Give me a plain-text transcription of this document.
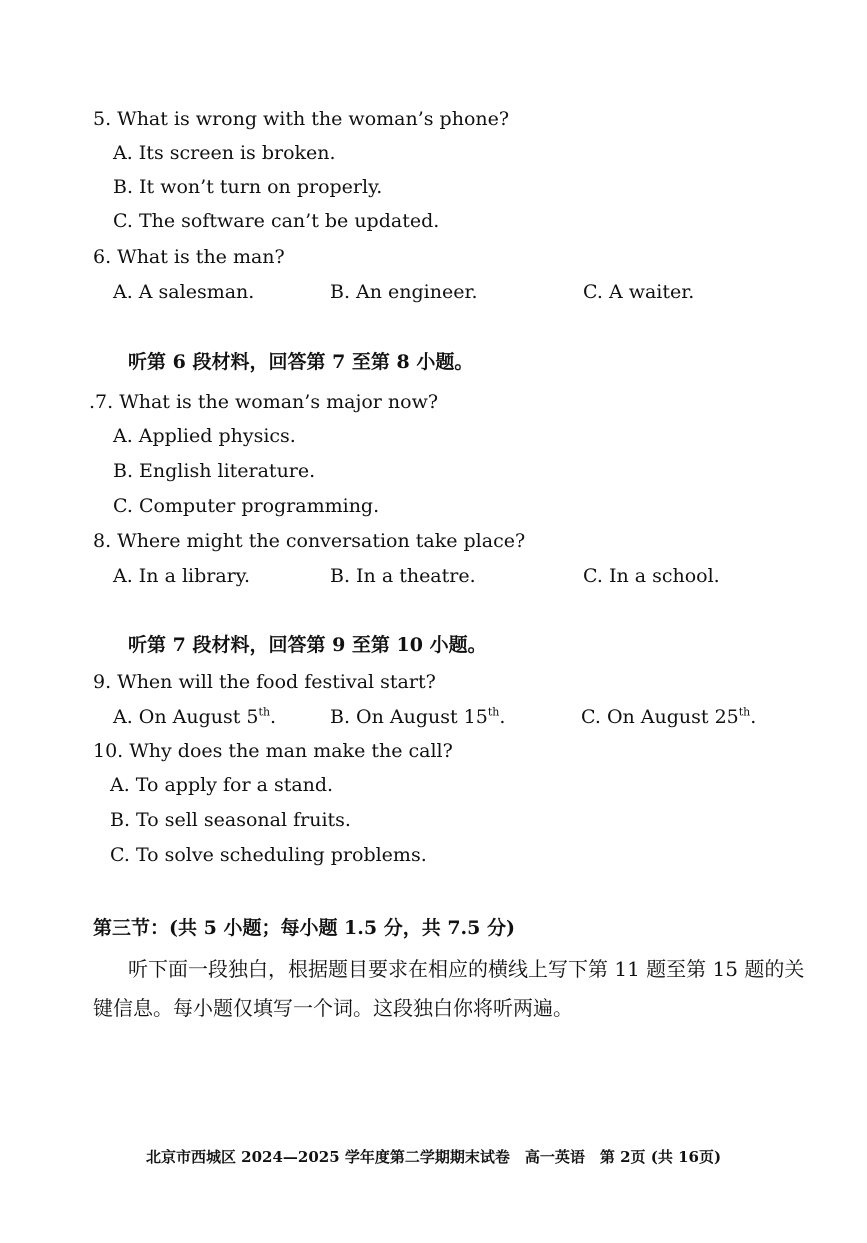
5. What is wrong with the woman’s phone?
A. Its screen is broken.
B. It won’t turn on properly.
C. The software can’t be updated.
6. What is the man?
A. A salesman.	B. An engineer.	C. A waiter.
听第 6 段材料，回答第 7 至第 8 小题。
.7. What is the woman’s major now?
A. Applied physics.
B. English literature.
C. Computer programming.
8. Where might the conversation take place?
A. In a library.	B. In a theatre.	C. In a school.
听第 7 段材料，回答第 9 至第 10 小题。
9. When will the food festival start?
A. On August 5th.	B. On August 15th.	C. On August 25th.
10. Why does the man make the call?
A. To apply for a stand.
B. To sell seasonal fruits.
C. To solve scheduling problems.
第三节：(共 5 小题；每小题 1.5 分，共 7.5 分)
听下面一段独白，根据题目要求在相应的横线上写下第 11 题至第 15 题的关
键信息。每小题仅填写一个词。这段独白你将听两遍。
北京市西城区 2024—2025 学年度第二学期期末试卷　高一英语　第 2页 (共 16页)
